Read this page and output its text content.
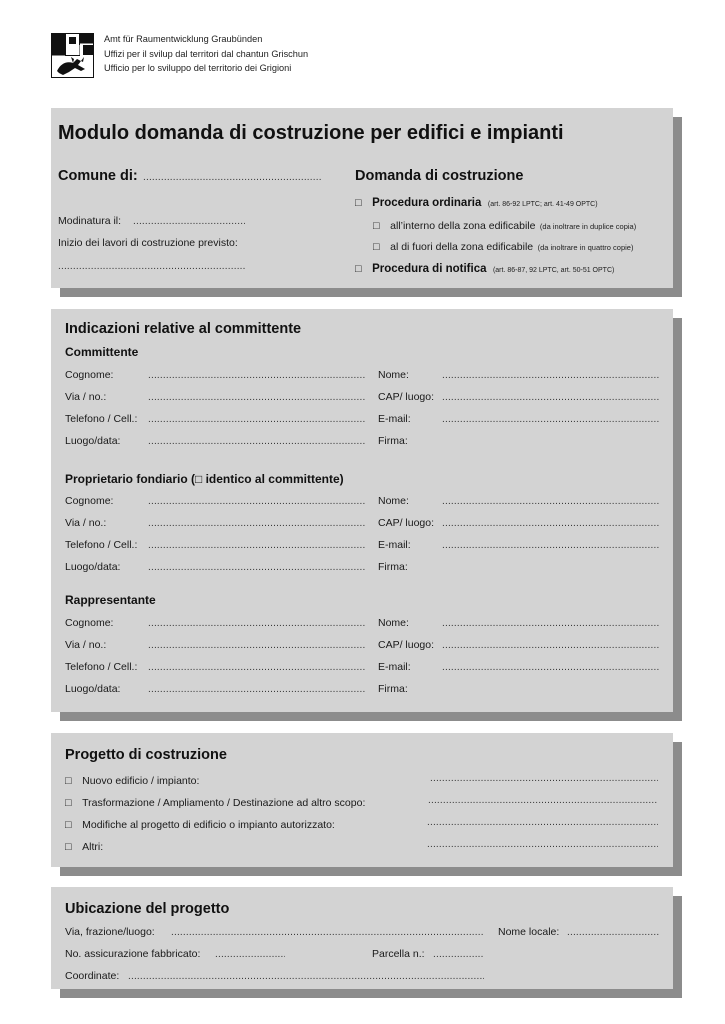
Amt für Raumentwicklung Graubünden
Uffizi per il svilup dal territori dal chantun Grischun
Ufficio per lo sviluppo del territorio dei Grigioni
Modulo domanda di costruzione per edifici e impianti
Comune di:
.....
Modinatura il:
.....
Inizio dei lavori di costruzione previsto:
.....
Domanda di costruzione
□ Procedura ordinaria (art. 86-92 LPTC; art. 41-49 OPTC)
□ all’interno della zona edificabile (da inoltrare in duplice copia)
□ al di fuori della zona edificabile (da inoltrare in quattro copie)
□ Procedura di notifica (art. 86-87, 92 LPTC, art. 50-51 OPTC)
Indicazioni relative al committente
Committente
Cognome: .....	Nome:
.....
Via / no.: .....	CAP/ luogo:
.....
Telefono / Cell.: .....	E-mail:
.....
Luogo/data: .....	Firma:
Proprietario fondiario (□ identico al committente)
Cognome: .....	Nome:
.....
Via / no.: .....	CAP/ luogo:
.....
Telefono / Cell.: .....	E-mail:
.....
Luogo/data: .....	Firma:
Rappresentante
Cognome: .....	Nome:
.....
Via / no.: .....	CAP/ luogo:
.....
Telefono / Cell.: .....	E-mail:
.....
Luogo/data: .....	Firma:
Progetto di costruzione
□ Nuovo edificio / impianto:
.....
□ Trasformazione / Ampliamento / Destinazione ad altro scopo:
.....
□ Modifiche al progetto di edificio o impianto autorizzato:
.....
□ Altri:
.....
Ubicazione del progetto
Via, frazione/luogo: .....	Nome locale:
.....
No. assicurazione fabbricato: .....	Parcella n.:
.....
Coordinate:
.....
